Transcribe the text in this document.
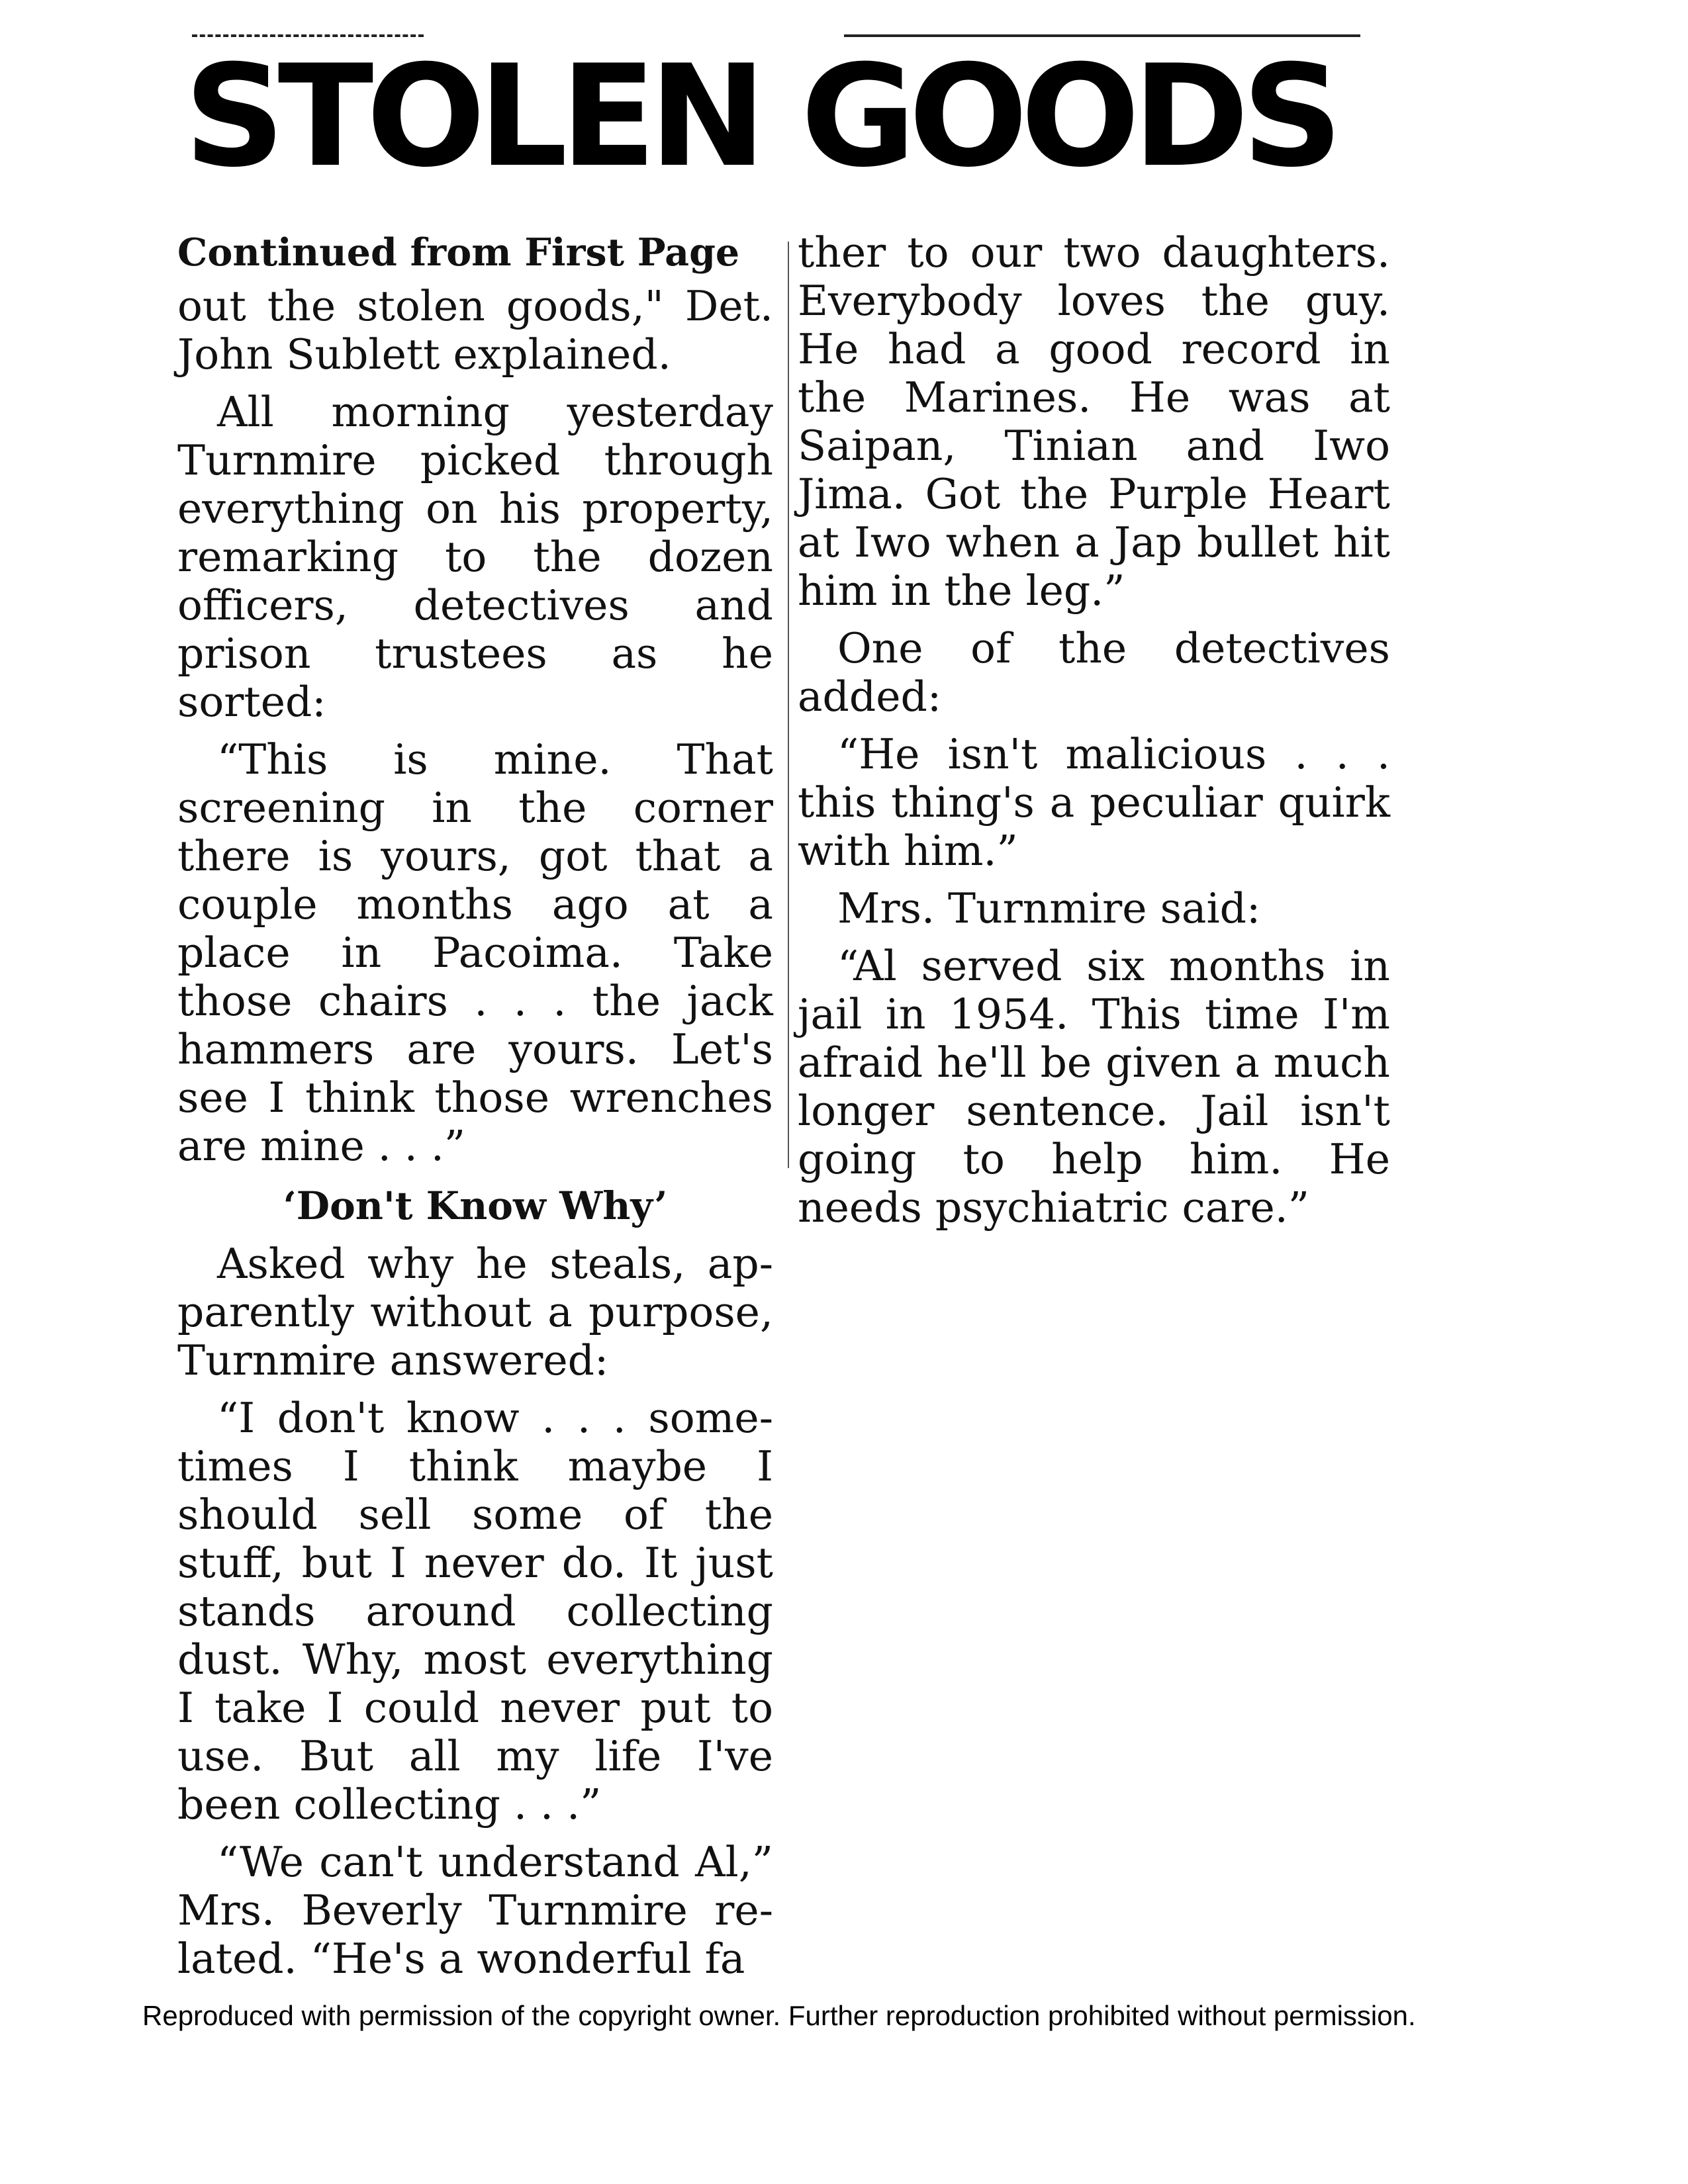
STOLEN GOODS

Continued from First Page

out the stolen goods," Det. John Sublett explained.

All morning yesterday Turnmire picked through everything on his property, remarking to the dozen officers, detectives and prison trustees as he sorted:

“This is mine. That screening in the corner there is yours, got that a couple months ago at a place in Pacoima. Take those chairs . . . the jack hammers are yours. Let's see I think those wrenches are mine . . .”

‘Don't Know Why’

Asked why he steals, apparently without a purpose, Turnmire answered:

“I don't know . . . sometimes I think maybe I should sell some of the stuff, but I never do. It just stands around collecting dust. Why, most everything I take I could never put to use. But all my life I've been collecting . . .”

“We can't understand Al,” Mrs. Beverly Turnmire related. “He's a wonderful fa

ther to our two daughters. Everybody loves the guy. He had a good record in the Marines. He was at Saipan, Tinian and Iwo Jima. Got the Purple Heart at Iwo when a Jap bullet hit him in the leg.”

One of the detectives added:

“He isn't malicious . . . this thing's a peculiar quirk with him.”

Mrs. Turnmire said:

“Al served six months in jail in 1954. This time I'm afraid he'll be given a much longer sentence. Jail isn't going to help him. He needs psychiatric care.”

Reproduced with permission of the copyright owner. Further reproduction prohibited without permission.
